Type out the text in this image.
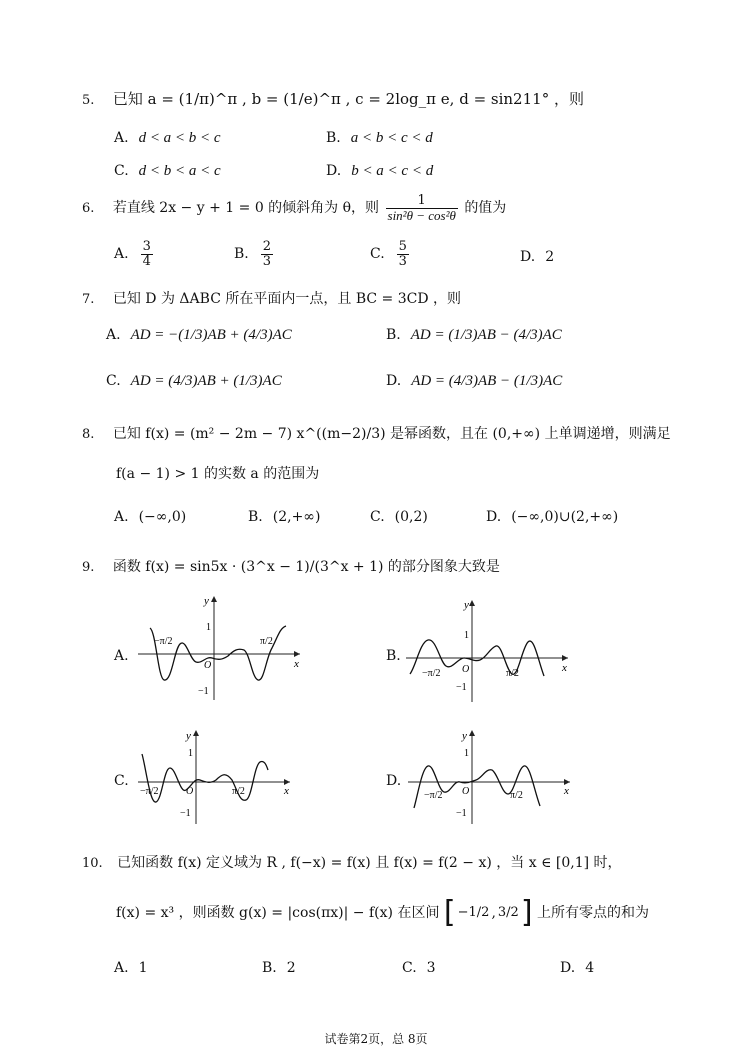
5. 已知 a = (1/π)^π , b = (1/e)^π , c = 2log_π e, d = sin211° ，则
A. d < a < b < c	B. a < b < c < d
C. d < b < a < c	D. b < a < c < d
6. 若直线 2x − y + 1 = 0 的倾斜角为 θ，则 $\frac{1}{\text{sin²θ − cos²θ}}$ 的值为
A. $\frac{3}{4}$	B. $\frac{2}{3}$	C. $\frac{5}{3}$	D. 2
7. 已知 D 为 ΔABC 所在平面内一点，且 BC = 3CD ，则
A. AD = −(1/3)AB + (4/3)AC	B. AD = (1/3)AB − (4/3)AC
C. AD = (4/3)AB + (1/3)AC	D. AD = (4/3)AB − (1/3)AC
8. 已知 f(x) = (m² − 2m − 7) x^((m−2)/3) 是幂函数，且在 (0,+∞) 上单调递增，则满足
f(a − 1) > 1 的实数 a 的范围为
A. (−∞,0)	B. (2,+∞)	C. (0,2)	D. (−∞,0)∪(2,+∞)
9. 函数 f(x) = sin5x · (3^x − 1)/(3^x + 1) 的部分图象大致是
A.
y
x
O
1
−1
−π/2	π/2
B.
y
x
O
1
−1
−π/2	π/2
C.
y
x
O
1
−1
−π/2	π/2
D.
y
x
O
1
−1
−π/2	π/2
10. 已知函数 f(x) 定义域为 R , f(−x) = f(x) 且 f(x) = f(2 − x) ，当 x ∈ [0,1] 时，
f(x) = x³ ，则函数 g(x) = |cos(πx)| − f(x) 在区间 [ −1/2 , 3/2] 上所有零点的和为
A. 1	B. 2	C. 3	D. 4
试卷第2页，总 8页
